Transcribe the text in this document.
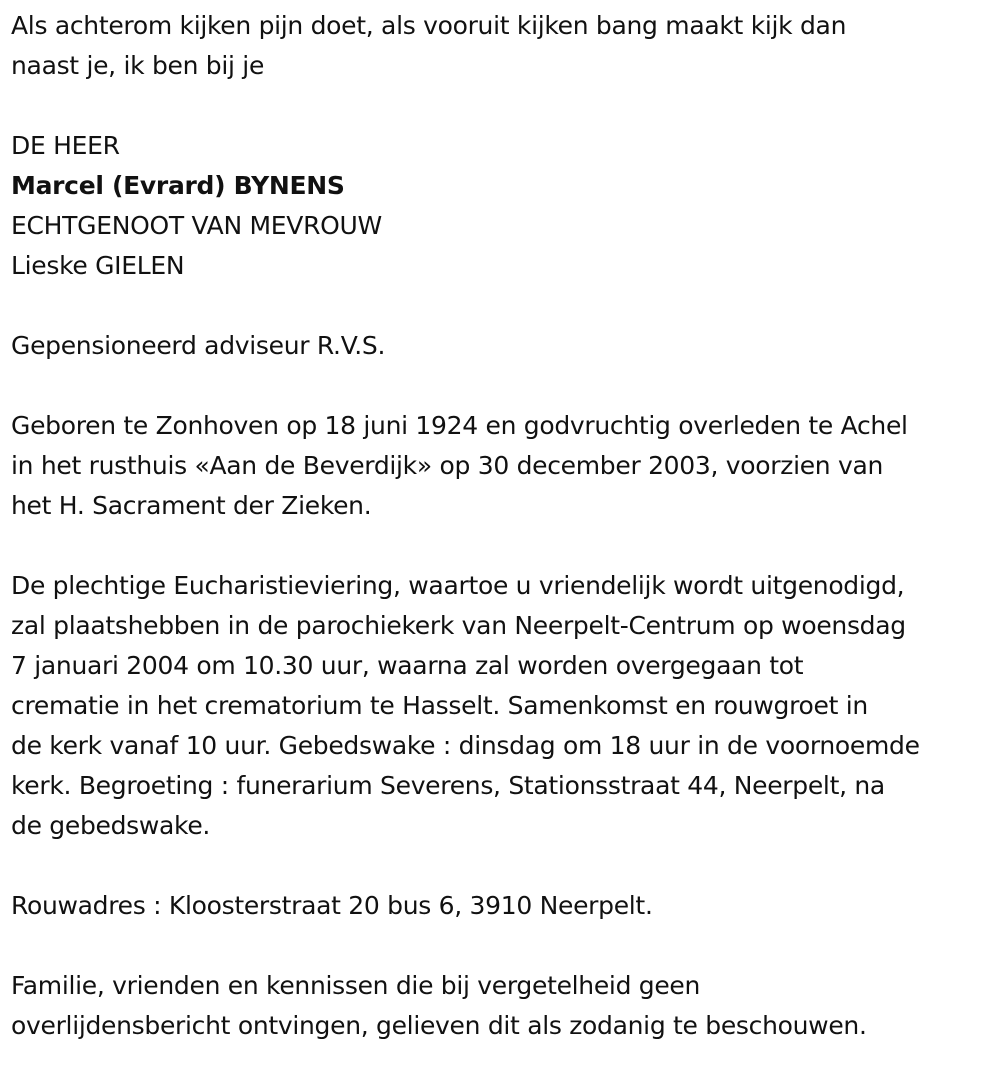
Als achterom kijken pijn doet, als vooruit kijken bang maakt kijk dan

naast je, ik ben bij je

DE HEER

Marcel (Evrard) BYNENS

ECHTGENOOT VAN MEVROUW

Lieske GIELEN

Gepensioneerd adviseur R.V.S.

Geboren te Zonhoven op 18 juni 1924 en godvruchtig overleden te Achel

in het rusthuis «Aan de Beverdijk» op 30 december 2003, voorzien van

het H. Sacrament der Zieken.

De plechtige Eucharistieviering, waartoe u vriendelijk wordt uitgenodigd,

zal plaatshebben in de parochiekerk van Neerpelt-Centrum op woensdag

7 januari 2004 om 10.30 uur, waarna zal worden overgegaan tot

crematie in het crematorium te Hasselt. Samenkomst en rouwgroet in

de kerk vanaf 10 uur. Gebedswake : dinsdag om 18 uur in de voornoemde

kerk. Begroeting : funerarium Severens, Stationsstraat 44, Neerpelt, na

de gebedswake.

Rouwadres : Kloosterstraat 20 bus 6, 3910 Neerpelt.

Familie, vrienden en kennissen die bij vergetelheid geen

overlijdensbericht ontvingen, gelieven dit als zodanig te beschouwen.
